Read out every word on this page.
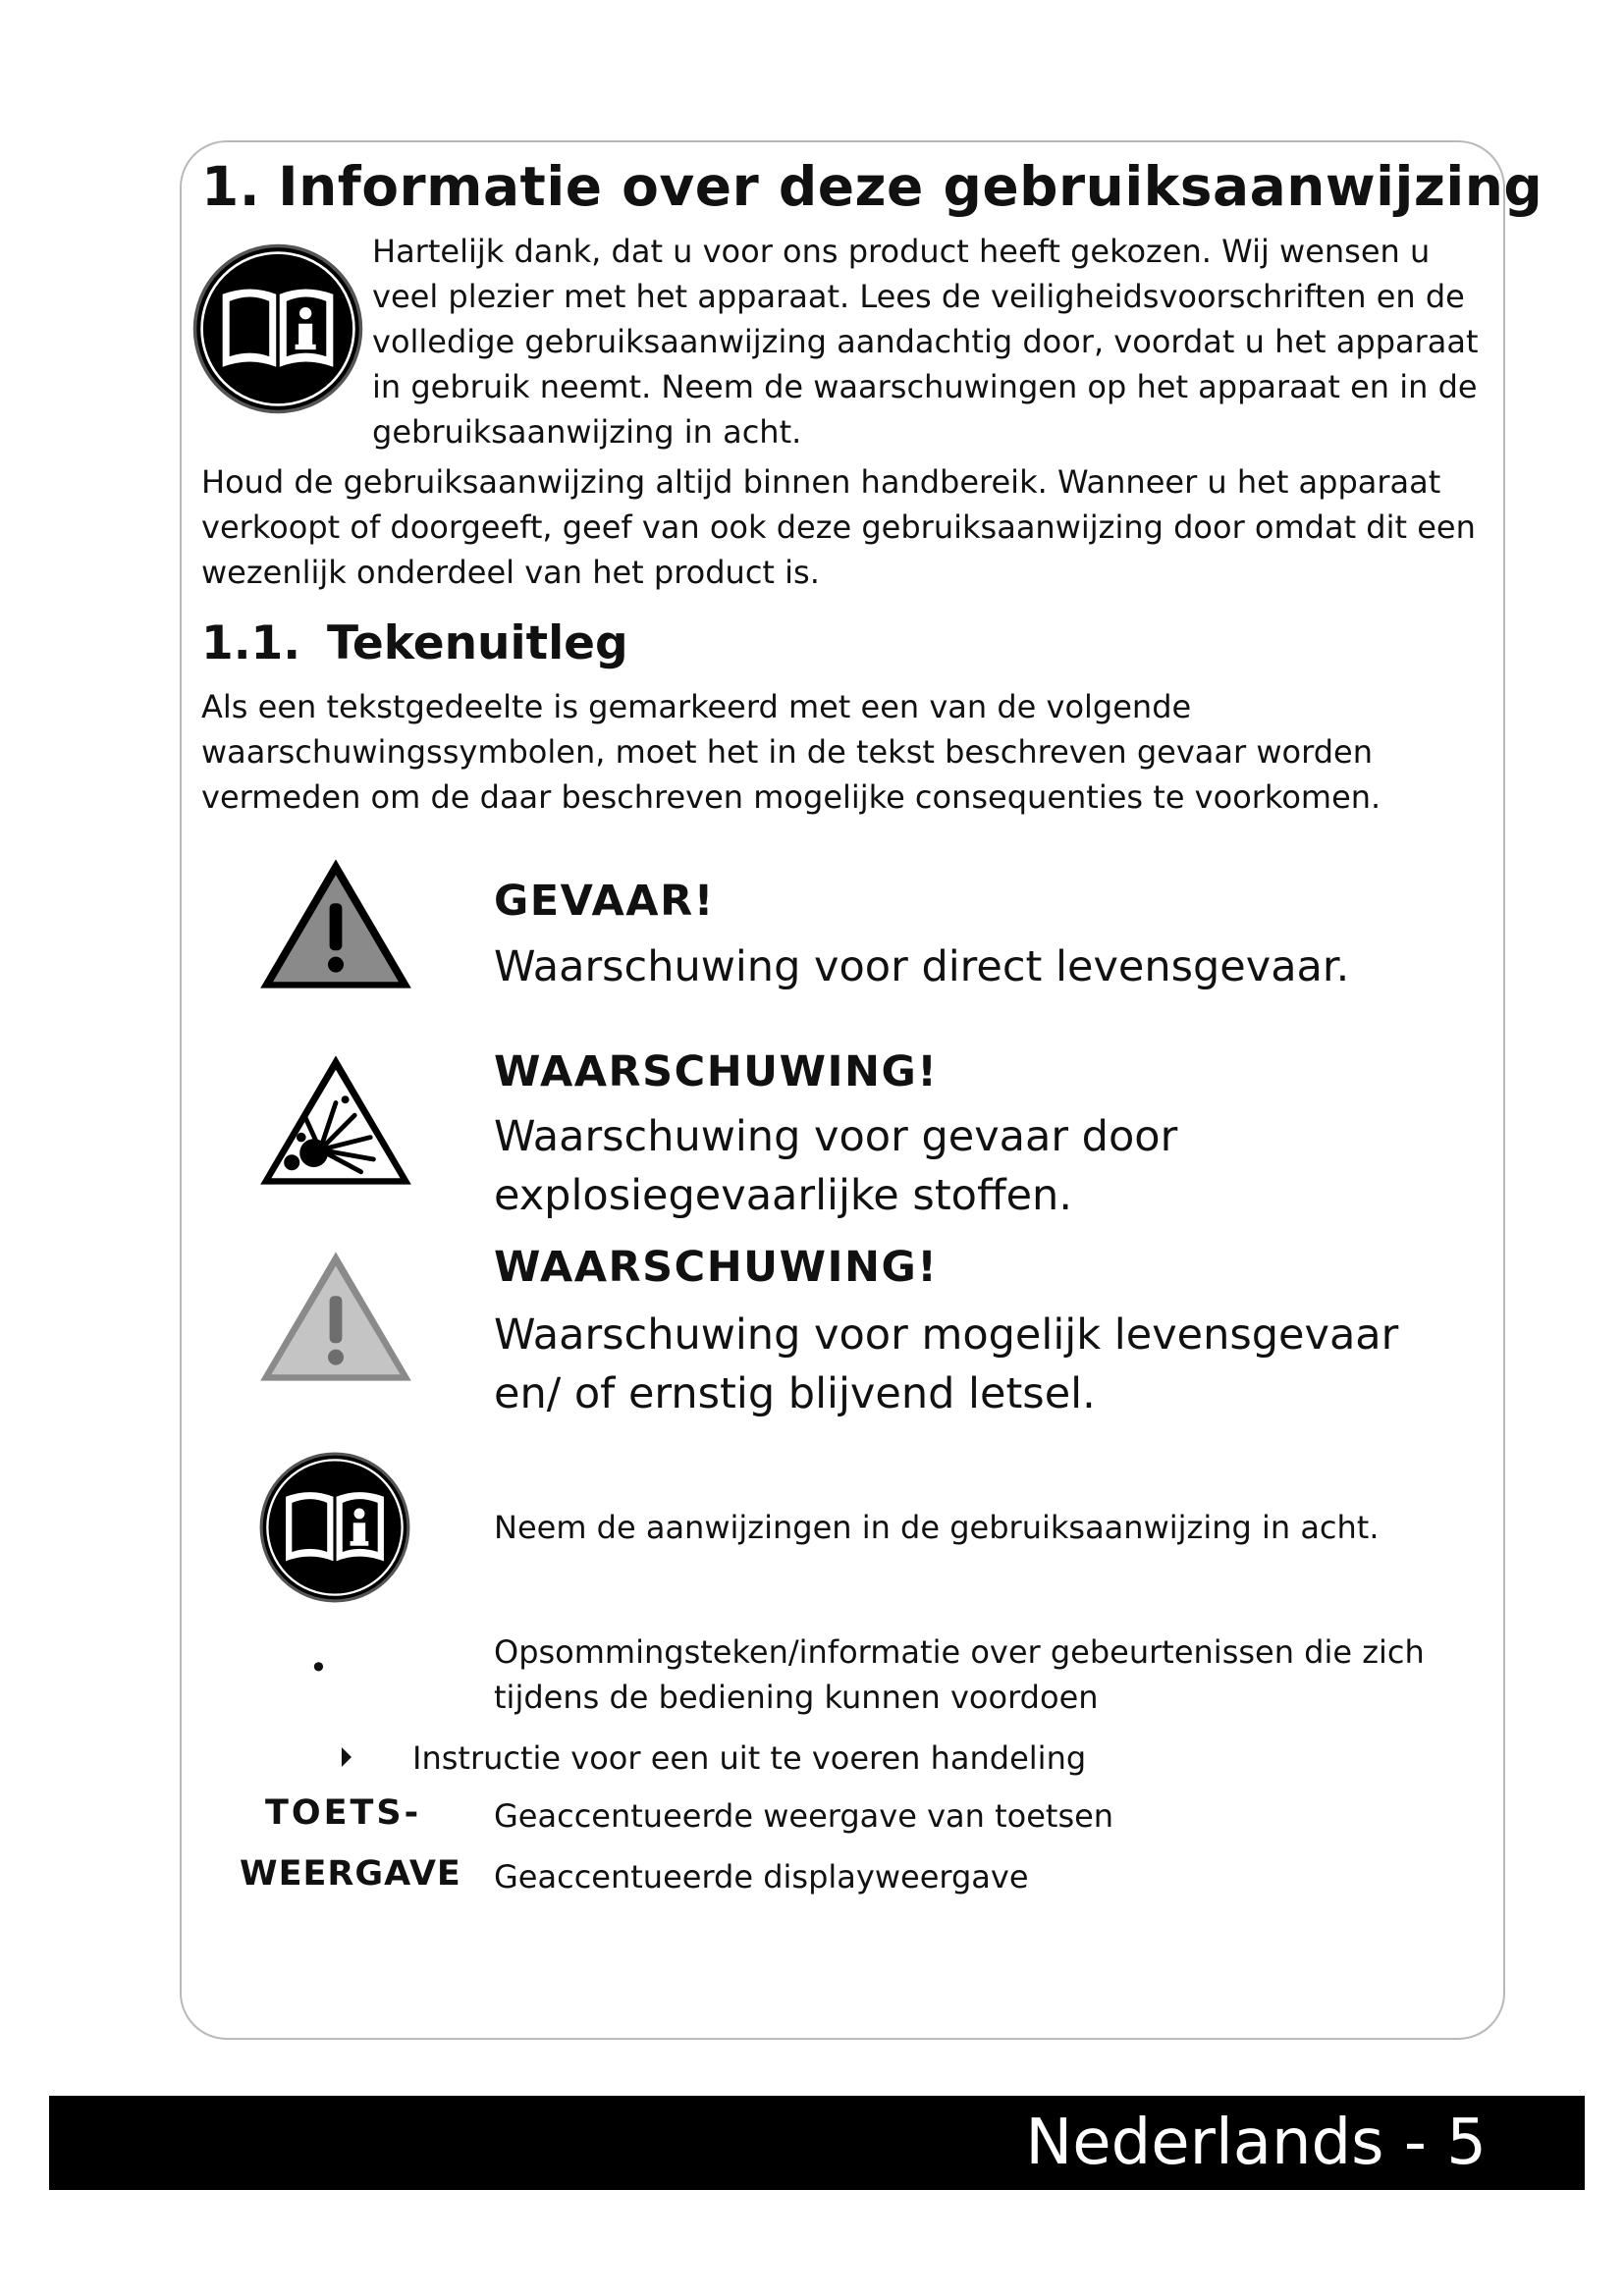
1. Informatie over deze gebruiksaanwijzing
Hartelijk dank, dat u voor ons product heeft gekozen. Wij wensen u veel plezier met het apparaat. Lees de veiligheidsvoorschriften en de volledige gebruiksaanwijzing aandachtig door, voordat u het apparaat in gebruik neemt. Neem de waarschuwingen op het apparaat en in de gebruiksaanwijzing in acht.
Houd de gebruiksaanwijzing altijd binnen handbereik. Wanneer u het apparaat verkoopt of doorgeeft, geef van ook deze gebruiksaanwijzing door omdat dit een wezenlijk onderdeel van het product is.
1.1. Tekenuitleg
Als een tekstgedeelte is gemarkeerd met een van de volgende waarschuwingssymbolen, moet het in de tekst beschreven gevaar worden vermeden om de daar beschreven mogelijke consequenties te voorkomen.
GEVAAR!
Waarschuwing voor direct levensgevaar.
WAARSCHUWING!
Waarschuwing voor gevaar door explosiegevaarlijke stoffen.
WAARSCHUWING!
Waarschuwing voor mogelijk levensgevaar en/ of ernstig blijvend letsel.
Neem de aanwijzingen in de gebruiksaanwijzing in acht.
•	Opsommingsteken/informatie over gebeurtenissen die zich tijdens de bediening kunnen voordoen
⏵ Instructie voor een uit te voeren handeling
TOETS- Geaccentueerde weergave van toetsen
WEERGAVE Geaccentueerde displayweergave
Nederlands - 5
